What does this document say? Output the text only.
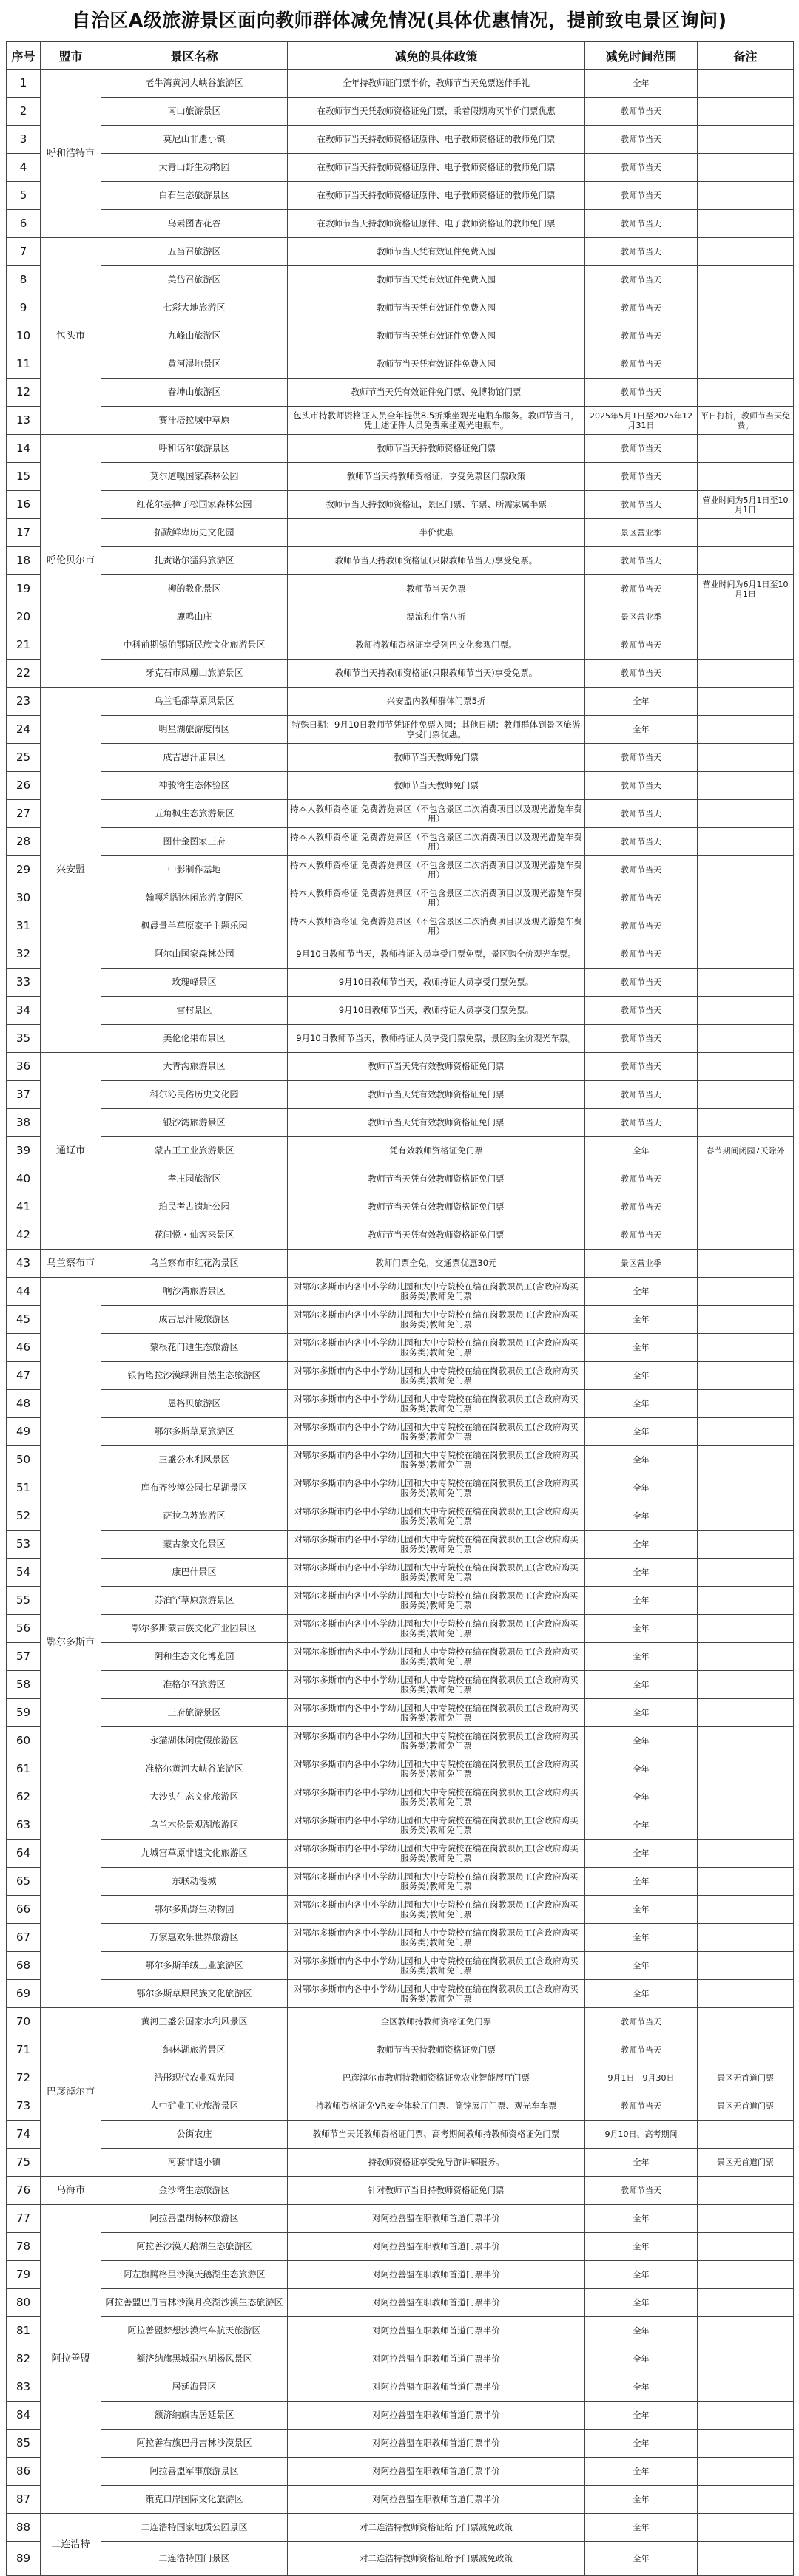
自治区A级旅游景区面向教师群体减免情况(具体优惠情况，提前致电景区询问)
序号	盟市	景区名称	减免的具体政策	减免时间范围	备注
1	呼和浩特市	老牛湾黄河大峡谷旅游区	全年持教师证门票半价，教师节当天免票送伴手礼	全年	
2		南山旅游景区	在教师节当天凭教师资格证免门票，乘着假期购买半价门票优惠	教师节当天	
3		莫尼山非遗小镇	在教师节当天持教师资格证原件、电子教师资格证的教师免门票	教师节当天	
4		大青山野生动物园	在教师节当天持教师资格证原件、电子教师资格证的教师免门票	教师节当天	
5		白石生态旅游景区	在教师节当天持教师资格证原件、电子教师资格证的教师免门票	教师节当天	
6		乌素图杏花谷	在教师节当天持教师资格证原件、电子教师资格证的教师免门票	教师节当天	
7	包头市	五当召旅游区	教师节当天凭有效证件免费入园	教师节当天	
8		美岱召旅游区	教师节当天凭有效证件免费入园	教师节当天	
9		七彩大地旅游区	教师节当天凭有效证件免费入园	教师节当天	
10		九峰山旅游区	教师节当天凭有效证件免费入园	教师节当天	
11		黄河湿地景区	教师节当天凭有效证件免费入园	教师节当天	
12		春坤山旅游区	教师节当天凭有效证件免门票、免博物馆门票	教师节当天	
13		赛汗塔拉城中草原	包头市持教师资格证人员全年提供8.5折乘坐观光电瓶车服务。教师节当日，凭上述证件人员免费乘坐观光电瓶车。	2025年5月1日至2025年12月31日	平日打折，教师节当天免费。
14	呼伦贝尔市	呼和诺尔旅游景区	教师节当天持教师资格证免门票	教师节当天	
15		莫尔道嘎国家森林公园	教师节当天持教师资格证，享受免票区门票政策	教师节当天	
16		红花尔基樟子松国家森林公园	教师节当天持教师资格证，景区门票、车票、所需家属半票	教师节当天	营业时间为5月1日至10月1日
17		拓跋鲜卑历史文化园	半价优惠	景区营业季	
18		扎赉诺尔猛犸旅游区	教师节当天持教师资格证(只限教师节当天)享受免票。	教师节当天	
19		柳的教化景区	教师节当天免票	教师节当天	营业时间为6月1日至10月1日
20		鹿鸣山庄	漂流和住宿八折	景区营业季	
21		中科前期锡伯鄂斯民族文化旅游景区	教师持教师资格证享受列巴文化参观门票。	教师节当天	
22		牙克石市凤凰山旅游景区	教师节当天持教师资格证(只限教师节当天)享受免票。	教师节当天	
23	兴安盟	乌兰毛都草原风景区	兴安盟内教师群体门票5折	全年	
24		明星湖旅游度假区	特殊日期：9月10日教师节凭证件免票入园；其他日期：教师群体到景区旅游享受门票优惠。	全年	
25		成吉思汗庙景区	教师节当天教师免门票	教师节当天	
26		神骏湾生态体验区	教师节当天教师免门票	教师节当天	
27		五角枫生态旅游景区	持本人教师资格证 免费游览景区（不包含景区二次消费项目以及观光游览车费用）	教师节当天	
28		图什金图家王府	持本人教师资格证 免费游览景区（不包含景区二次消费项目以及观光游览车费用）	教师节当天	
29		中影制作基地	持本人教师资格证 免费游览景区（不包含景区二次消费项目以及观光游览车费用）	教师节当天	
30		翰嘎利湖休闲旅游度假区	持本人教师资格证 免费游览景区（不包含景区二次消费项目以及观光游览车费用）	教师节当天	
31		枫晨量羊草原家子主题乐园	持本人教师资格证 免费游览景区（不包含景区二次消费项目以及观光游览车费用）	教师节当天	
32		阿尔山国家森林公园	9月10日教师节当天，教师持证入员享受门票免票，景区购全价观光车票。	教师节当天	
33		玫瑰峰景区	9月10日教师节当天，教师持证人员享受门票免票。	教师节当天	
34		雪村景区	9月10日教师节当天，教师持证人员享受门票免票。	教师节当天	
35		美伦伦果布景区	9月10日教师节当天，教师持证人员享受门票免票，景区购全价观光车票。	教师节当天	
36	通辽市	大青沟旅游景区	教师节当天凭有效教师资格证免门票	教师节当天	
37		科尔沁民俗历史文化园	教师节当天凭有效教师资格证免门票	教师节当天	
38		银沙湾旅游景区	教师节当天凭有效教师资格证免门票	教师节当天	
39		蒙古王工业旅游景区	凭有效教师资格证免门票	全年	春节期间闭园7天除外
40		孝庄园旅游区	教师节当天凭有效教师资格证免门票	教师节当天	
41		珀民考古遗址公园	教师节当天凭有效教师资格证免门票	教师节当天	
42		花间悦・仙客来景区	教师节当天凭有效教师资格证免门票	教师节当天	
43	乌兰察布市	乌兰察布市红花沟景区	教师门票全免，交通票优惠30元	景区营业季	
44	鄂尔多斯市	响沙湾旅游景区	对鄂尔多斯市内各中小学幼儿园和大中专院校在编在岗教职员工(含政府购买服务类)教师免门票	全年	
45		成吉思汗陵旅游区	对鄂尔多斯市内各中小学幼儿园和大中专院校在编在岗教职员工(含政府购买服务类)教师免门票	全年	
46		蒙根花门迪生态旅游区	对鄂尔多斯市内各中小学幼儿园和大中专院校在编在岗教职员工(含政府购买服务类)教师免门票	全年	
47		银肯塔拉沙漠绿洲自然生态旅游区	对鄂尔多斯市内各中小学幼儿园和大中专院校在编在岗教职员工(含政府购买服务类)教师免门票	全年	
48		恩格贝旅游区	对鄂尔多斯市内各中小学幼儿园和大中专院校在编在岗教职员工(含政府购买服务类)教师免门票	全年	
49		鄂尔多斯草原旅游区	对鄂尔多斯市内各中小学幼儿园和大中专院校在编在岗教职员工(含政府购买服务类)教师免门票	全年	
50		三盛公水利风景区	对鄂尔多斯市内各中小学幼儿园和大中专院校在编在岗教职员工(含政府购买服务类)教师免门票	全年	
51		库布齐沙漠公园七星湖景区	对鄂尔多斯市内各中小学幼儿园和大中专院校在编在岗教职员工(含政府购买服务类)教师免门票	全年	
52		萨拉乌苏旅游区	对鄂尔多斯市内各中小学幼儿园和大中专院校在编在岗教职员工(含政府购买服务类)教师免门票	全年	
53		蒙古象文化景区	对鄂尔多斯市内各中小学幼儿园和大中专院校在编在岗教职员工(含政府购买服务类)教师免门票	全年	
54		康巴什景区	对鄂尔多斯市内各中小学幼儿园和大中专院校在编在岗教职员工(含政府购买服务类)教师免门票	全年	
55		苏泊罕草原旅游景区	对鄂尔多斯市内各中小学幼儿园和大中专院校在编在岗教职员工(含政府购买服务类)教师免门票	全年	
56		鄂尔多斯蒙古族文化产业园景区	对鄂尔多斯市内各中小学幼儿园和大中专院校在编在岗教职员工(含政府购买服务类)教师免门票	全年	
57		阴和生态文化博览园	对鄂尔多斯市内各中小学幼儿园和大中专院校在编在岗教职员工(含政府购买服务类)教师免门票	全年	
58		准格尔召旅游区	对鄂尔多斯市内各中小学幼儿园和大中专院校在编在岗教职员工(含政府购买服务类)教师免门票	全年	
59		王府旅游景区	对鄂尔多斯市内各中小学幼儿园和大中专院校在编在岗教职员工(含政府购买服务类)教师免门票	全年	
60		永猫湖休闲度假旅游区	对鄂尔多斯市内各中小学幼儿园和大中专院校在编在岗教职员工(含政府购买服务类)教师免门票	全年	
61		准格尔黄河大峡谷旅游区	对鄂尔多斯市内各中小学幼儿园和大中专院校在编在岗教职员工(含政府购买服务类)教师免门票	全年	
62		大沙头生态文化旅游区	对鄂尔多斯市内各中小学幼儿园和大中专院校在编在岗教职员工(含政府购买服务类)教师免门票	全年	
63		乌兰木伦景观湖旅游区	对鄂尔多斯市内各中小学幼儿园和大中专院校在编在岗教职员工(含政府购买服务类)教师免门票	全年	
64		九城宫草原非遗文化旅游区	对鄂尔多斯市内各中小学幼儿园和大中专院校在编在岗教职员工(含政府购买服务类)教师免门票	全年	
65		东联动漫城	对鄂尔多斯市内各中小学幼儿园和大中专院校在编在岗教职员工(含政府购买服务类)教师免门票	全年	
66		鄂尔多斯野生动物园	对鄂尔多斯市内各中小学幼儿园和大中专院校在编在岗教职员工(含政府购买服务类)教师免门票	全年	
67		万家惠欢乐世界旅游区	对鄂尔多斯市内各中小学幼儿园和大中专院校在编在岗教职员工(含政府购买服务类)教师免门票	全年	
68		鄂尔多斯羊绒工业旅游区	对鄂尔多斯市内各中小学幼儿园和大中专院校在编在岗教职员工(含政府购买服务类)教师免门票	全年	
69		鄂尔多斯草原民族文化旅游区	对鄂尔多斯市内各中小学幼儿园和大中专院校在编在岗教职员工(含政府购买服务类)教师免门票	全年	
70	巴彦淖尔市	黄河三盛公国家水利风景区	全区教师持教师资格证免门票	教师节当天	
71		纳林湖旅游景区	教师节当天持教师资格证免门票	教师节当天	
72		浩彤现代农业观光园	巴彦淖尔市教师持教师资格证免农业智能展厅门票	9月1日－9月30日	景区无首道门票
73		大中矿业工业旅游景区	持教师资格证免VR安全体验厅门票、筒锌展厅门票、观光车车票	教师节当天	景区无首道门票
74		公街农庄	教师节当天凭教师资格证门票、高考期间教师持教师资格证免门票	9月10日、高考期间	
75		河套非遗小镇	持教师资格证享受免导游讲解服务。	全年	景区无首道门票
76	乌海市	金沙湾生态旅游区	针对教师节当日持教师资格证免门票	教师节当天	
77	阿拉善盟	阿拉善盟胡杨林旅游区	对阿拉善盟在职教师首道门票半价	全年	
78		阿拉善沙漠天鹅湖生态旅游区	对阿拉善盟在职教师首道门票半价	全年	
79		阿左旗腾格里沙漠天鹅湖生态旅游区	对阿拉善盟在职教师首道门票半价	全年	
80		阿拉善盟巴丹吉林沙漠月亮湖沙漠生态旅游区	对阿拉善盟在职教师首道门票半价	全年	
81		阿拉善盟梦想沙漠汽车航天旅游区	对阿拉善盟在职教师首道门票半价	全年	
82		额济纳旗黑城弱水胡杨风景区	对阿拉善盟在职教师首道门票半价	全年	
83		居延海景区	对阿拉善盟在职教师首道门票半价	全年	
84		额济纳旗古居延景区	对阿拉善盟在职教师首道门票半价	全年	
85		阿拉善右旗巴丹吉林沙漠景区	对阿拉善盟在职教师首道门票半价	全年	
86		阿拉善盟军事旅游景区	对阿拉善盟在职教师首道门票半价	全年	
87		策克口岸国际文化旅游区	对阿拉善盟在职教师首道门票半价	全年	
88	二连浩特	二连浩特国家地质公园景区	对二连浩特教师资格证给予门票减免政策	全年	
89		二连浩特国门景区	对二连浩特教师资格证给予门票减免政策	全年	
